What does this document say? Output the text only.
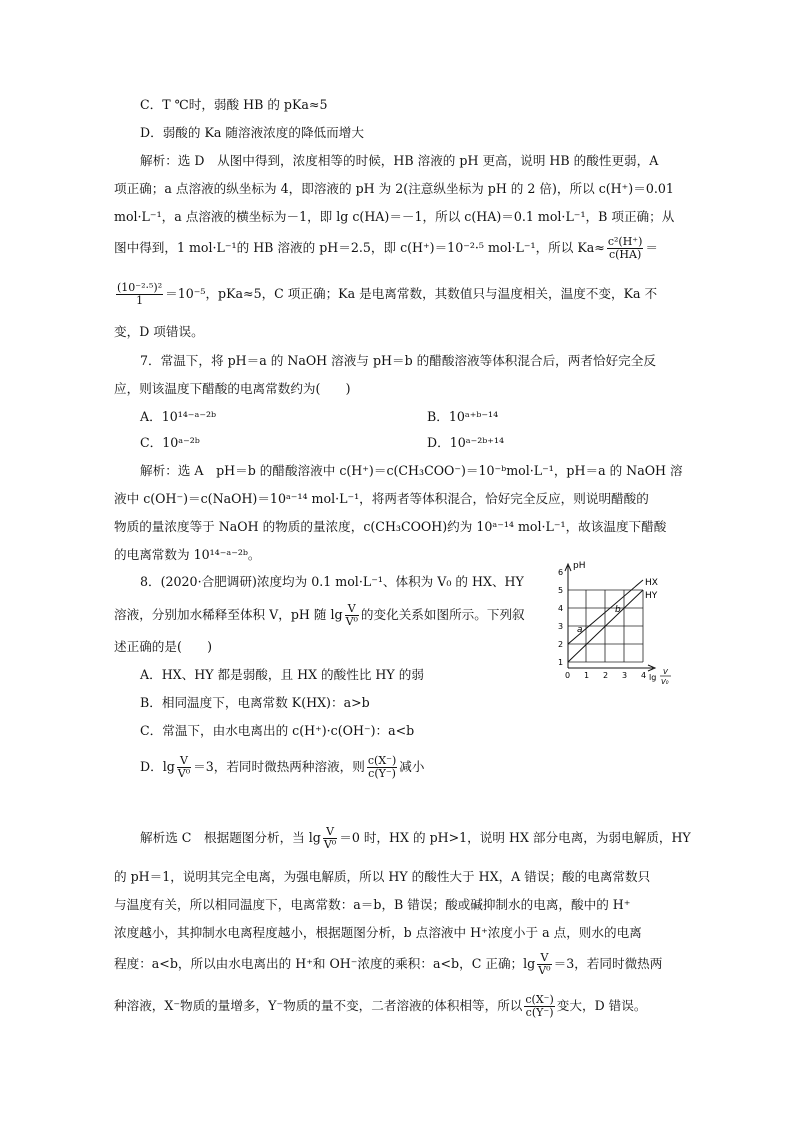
C．T ℃时，弱酸 HB 的 pKa≈5
D．弱酸的 Ka 随溶液浓度的降低而增大
解析：选 D　从图中得到，浓度相等的时候，HB 溶液的 pH 更高，说明 HB 的酸性更弱，A
项正确；a 点溶液的纵坐标为 4，即溶液的 pH 为 2(注意纵坐标为 pH 的 2 倍)，所以 c(H⁺)＝0.01
mol·L⁻¹，a 点溶液的横坐标为－1，即 lg c(HA)＝－1，所以 c(HA)＝0.1 mol·L⁻¹，B 项正确；从
图中得到，1 mol·L⁻¹的 HB 溶液的 pH＝2.5，即 c(H⁺)＝10⁻²·⁵ mol·L⁻¹，所以 $Ka\approx \frac{\text{c²(H⁺)}}{c(HA)}$ ＝
$\frac{\text{(10⁻²·⁵)²}}{1} =10^{-5}$，pKa≈5，C 项正确；Ka 是电离常数，其数值只与温度相关，温度不变，Ka 不
变，D 项错误。
7．常温下，将 pH＝a 的 NaOH 溶液与 pH＝b 的醋酸溶液等体积混合后，两者恰好完全反
应，则该温度下醋酸的电离常数约为(　　)
A．10¹⁴⁻ᵃ⁻²ᵇ	B．10ᵃ⁺ᵇ⁻¹⁴
C．10ᵃ⁻²ᵇ	D．10ᵃ⁻²ᵇ⁺¹⁴
解析：选 A　pH＝b 的醋酸溶液中 c(H⁺)＝c(CH₃COO⁻)＝10⁻ᵇmol·L⁻¹，pH＝a 的 NaOH 溶
液中 c(OH⁻)＝c(NaOH)＝10ᵃ⁻¹⁴ mol·L⁻¹，将两者等体积混合，恰好完全反应，则说明醋酸的
物质的量浓度等于 NaOH 的物质的量浓度，c(CH₃COOH)约为 10ᵃ⁻¹⁴ mol·L⁻¹，故该温度下醋酸
的电离常数为 10¹⁴⁻ᵃ⁻²ᵇ。
8．(2020·合肥调研)浓度均为 0.1 mol·L⁻¹、体积为 V₀ 的 HX、HY
溶液，分别加水稀释至体积 V，pH 随 $\lg \frac{V}{\text{V⁰}}$ 的变化关系如图所示。下列叙
述正确的是(　　)
A．HX、HY 都是弱酸，且 HX 的酸性比 HY 的弱
B．相同温度下，电离常数 K(HX)：a>b
C．常温下，由水电离出的 c(H⁺)·c(OH⁻)：a<b
D．$\lg \frac{V}{\text{V⁰}} =3$，若同时微热两种溶液，则 $\frac{c(X^-)}{c(Y^-)}$ 减小
解析选 C　根据题图分析，当 $\lg \frac{V}{\text{V⁰}} =0$ 时，HX 的 pH>1，说明 HX 部分电离，为弱电解质，HY
的 pH＝1，说明其完全电离，为强电解质，所以 HY 的酸性大于 HX，A 错误；酸的电离常数只
与温度有关，所以相同温度下，电离常数：a＝b，B 错误；酸或碱抑制水的电离，酸中的 H⁺
浓度越小，其抑制水电离程度越小，根据题图分析，b 点溶液中 H⁺浓度小于 a 点，则水的电离
程度：a<b，所以由水电离出的 H⁺和 OH⁻浓度的乘积：a<b，C 正确；$\lg \frac{V}{\text{V⁰}} =3$，若同时微热两
种溶液，X⁻物质的量增多，Y⁻物质的量不变，二者溶液的体积相等，所以 $\frac{c(X^-)}{c(Y^-)}$ 变大，D 错误。
pH
HX
HY
a
b
1
2
3
4
5
6
0 1 2 3 4 lg
V
V₀
